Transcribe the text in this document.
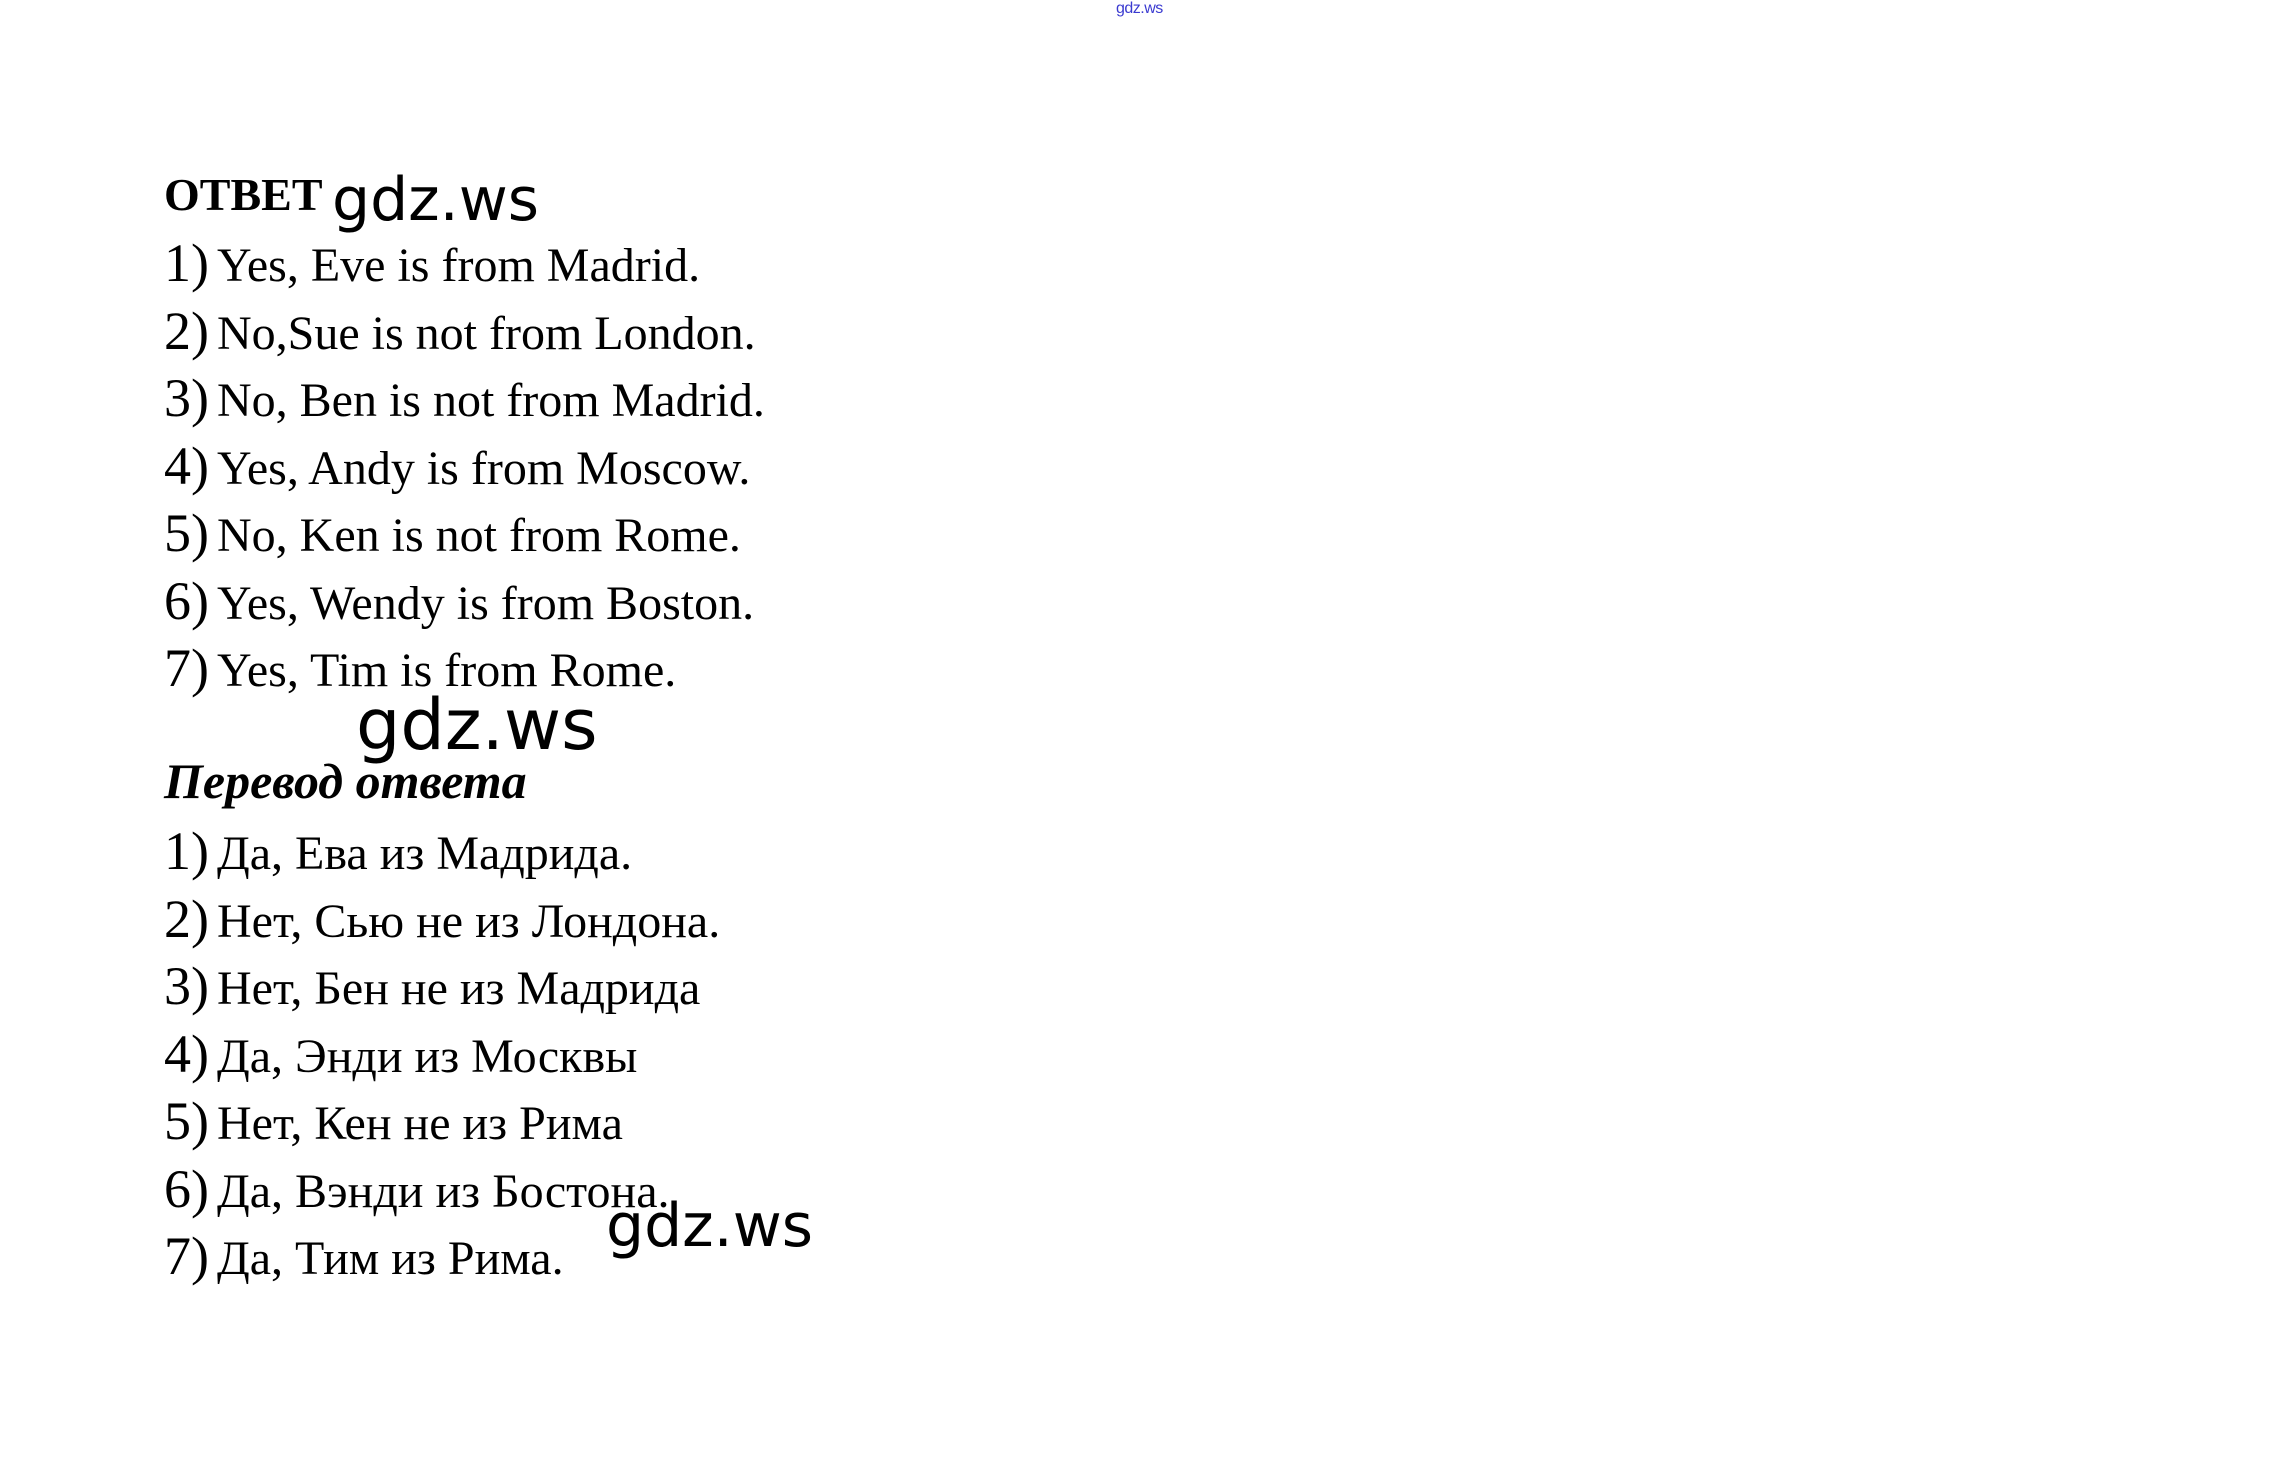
gdz.ws
ОТВЕТ gdz.ws
1) Yes, Eve is from Madrid.
2) No,Sue is not from London.
3) No, Ben is not from Madrid.
4) Yes, Andy is from Moscow.
5) No, Ken is not from Rome.
6) Yes, Wendy is from Boston.
7) Yes, Tim is from Rome.
gdz.ws
Перевод ответа
1) Да, Ева из Мадрида.
2) Нет, Сью не из Лондона.
3) Нет, Бен не из Мадрида
4) Да, Энди из Москвы
5) Нет, Кен не из Рима
6) Да, Вэнди из Бостона.
7) Да, Тим из Рима. gdz.ws
